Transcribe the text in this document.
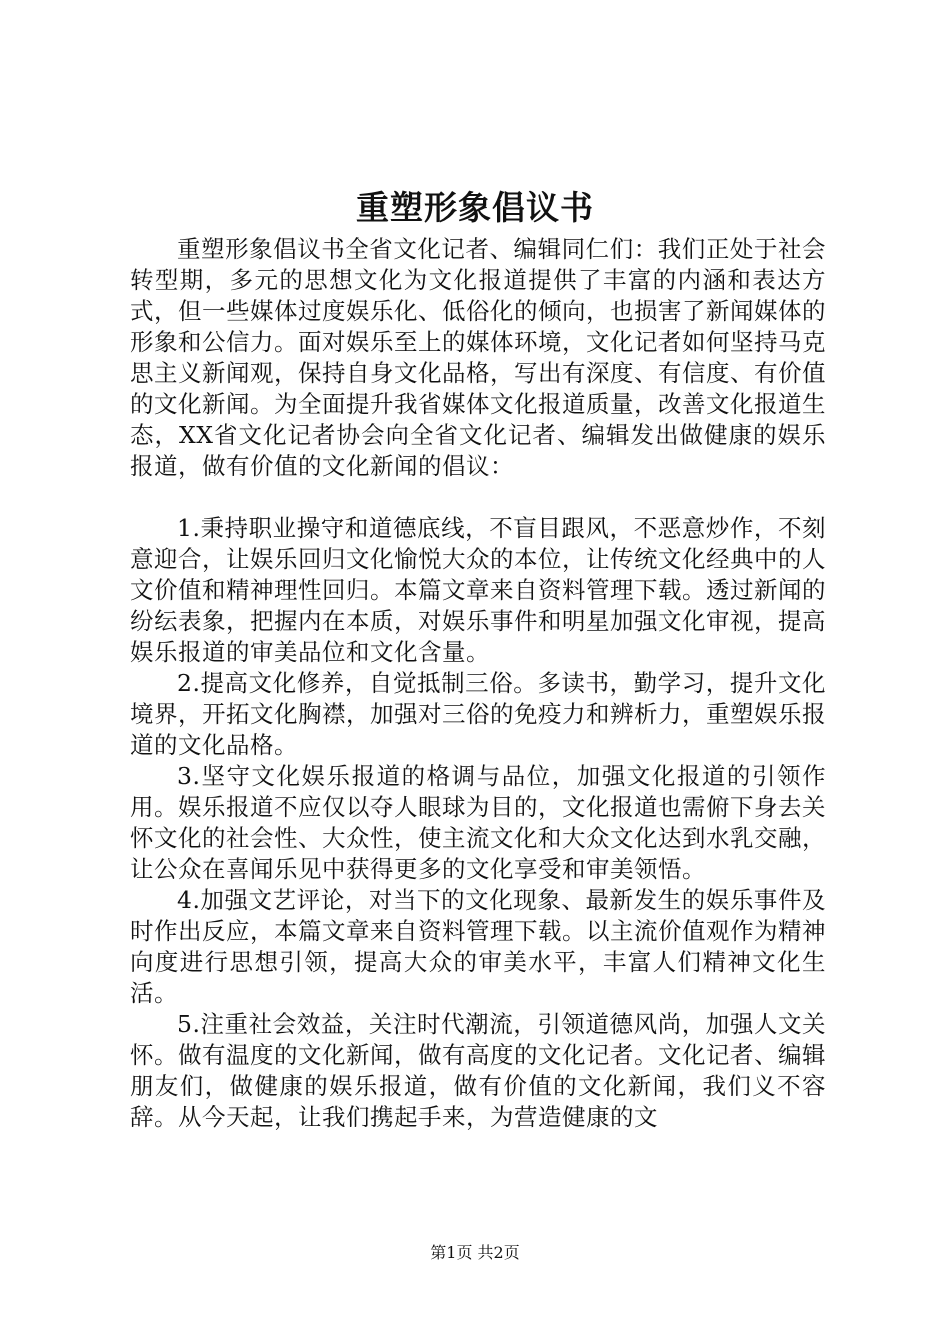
重塑形象倡议书

重塑形象倡议书全省文化记者、编辑同仁们：我们正处于社会转型期，多元的思想文化为文化报道提供了丰富的内涵和表达方式，但一些媒体过度娱乐化、低俗化的倾向，也损害了新闻媒体的形象和公信力。面对娱乐至上的媒体环境，文化记者如何坚持马克思主义新闻观，保持自身文化品格，写出有深度、有信度、有价值的文化新闻。为全面提升我省媒体文化报道质量，改善文化报道生态，XX省文化记者协会向全省文化记者、编辑发出做健康的娱乐报道，做有价值的文化新闻的倡议：

1.秉持职业操守和道德底线，不盲目跟风，不恶意炒作，不刻意迎合，让娱乐回归文化愉悦大众的本位，让传统文化经典中的人文价值和精神理性回归。本篇文章来自资料管理下载。透过新闻的纷纭表象，把握内在本质，对娱乐事件和明星加强文化审视，提高娱乐报道的审美品位和文化含量。

2.提高文化修养，自觉抵制三俗。多读书，勤学习，提升文化境界，开拓文化胸襟，加强对三俗的免疫力和辨析力，重塑娱乐报道的文化品格。

3.坚守文化娱乐报道的格调与品位，加强文化报道的引领作用。娱乐报道不应仅以夺人眼球为目的，文化报道也需俯下身去关怀文化的社会性、大众性，使主流文化和大众文化达到水乳交融，让公众在喜闻乐见中获得更多的文化享受和审美领悟。

4.加强文艺评论，对当下的文化现象、最新发生的娱乐事件及时作出反应，本篇文章来自资料管理下载。以主流价值观作为精神向度进行思想引领，提高大众的审美水平，丰富人们精神文化生活。

5.注重社会效益，关注时代潮流，引领道德风尚，加强人文关怀。做有温度的文化新闻，做有高度的文化记者。文化记者、编辑朋友们，做健康的娱乐报道，做有价值的文化新闻，我们义不容辞。从今天起，让我们携起手来，为营造健康的文

第1页 共2页
